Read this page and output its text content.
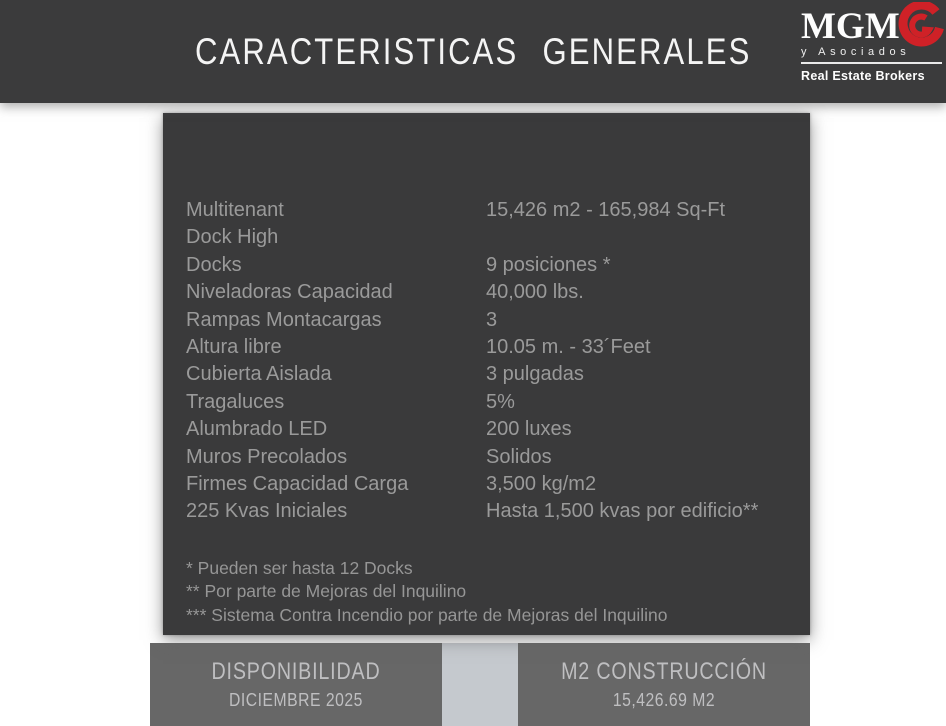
CARACTERISTICAS GENERALES
MGM
y Asociados
Real Estate Brokers
Multitenant	15,426 m2 - 165,984 Sq-Ft
Dock High
Docks	9 posiciones *
Niveladoras Capacidad	40,000 lbs.
Rampas Montacargas	3
Altura libre	10.05 m. - 33´Feet
Cubierta Aislada	3 pulgadas
Tragaluces	5%
Alumbrado LED	200 luxes
Muros Precolados	Solidos
Firmes Capacidad Carga	3,500 kg/m2
225 Kvas Iniciales	Hasta 1,500 kvas por edificio**
* Pueden ser hasta 12 Docks
** Por parte de Mejoras del Inquilino
*** Sistema Contra Incendio por parte de Mejoras del Inquilino
DISPONIBILIDAD
DICIEMBRE 2025
M2 CONSTRUCCIÓN
15,426.69 M2
